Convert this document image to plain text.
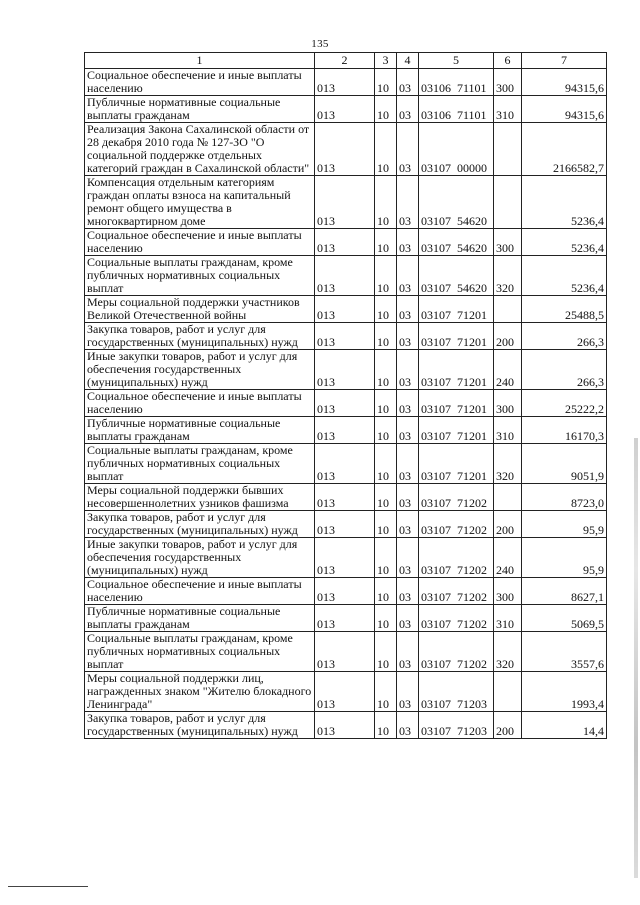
135
1	2	3	4	5	6	7
Социальное обеспечение и иные выплаты населению	013	10	03	03106  71101	300	94315,6
Публичные нормативные социальные выплаты гражданам	013	10	03	03106  71101	310	94315,6
Реализация Закона Сахалинской области от 28 декабря 2010 года № 127-ЗО "О социальной поддержке отдельных категорий граждан в Сахалинской области"	013	10	03	03107  00000		2166582,7
Компенсация отдельным категориям граждан оплаты взноса на капитальный ремонт общего имущества в многоквартирном доме	013	10	03	03107  54620		5236,4
Социальное обеспечение и иные выплаты населению	013	10	03	03107  54620	300	5236,4
Социальные выплаты гражданам, кроме публичных нормативных социальных выплат	013	10	03	03107  54620	320	5236,4
Меры социальной поддержки участников Великой Отечественной войны	013	10	03	03107  71201		25488,5
Закупка товаров, работ и услуг для государственных (муниципальных) нужд	013	10	03	03107  71201	200	266,3
Иные закупки товаров, работ и услуг для обеспечения государственных (муниципальных) нужд	013	10	03	03107  71201	240	266,3
Социальное обеспечение и иные выплаты населению	013	10	03	03107  71201	300	25222,2
Публичные нормативные социальные выплаты гражданам	013	10	03	03107  71201	310	16170,3
Социальные выплаты гражданам, кроме публичных нормативных социальных выплат	013	10	03	03107  71201	320	9051,9
Меры социальной поддержки бывших несовершеннолетних узников фашизма	013	10	03	03107  71202		8723,0
Закупка товаров, работ и услуг для государственных (муниципальных) нужд	013	10	03	03107  71202	200	95,9
Иные закупки товаров, работ и услуг для обеспечения государственных (муниципальных) нужд	013	10	03	03107  71202	240	95,9
Социальное обеспечение и иные выплаты населению	013	10	03	03107  71202	300	8627,1
Публичные нормативные социальные выплаты гражданам	013	10	03	03107  71202	310	5069,5
Социальные выплаты гражданам, кроме публичных нормативных социальных выплат	013	10	03	03107  71202	320	3557,6
Меры социальной поддержки лиц, награжденных знаком "Жителю блокадного Ленинграда"	013	10	03	03107  71203		1993,4
Закупка товаров, работ и услуг для государственных (муниципальных) нужд	013	10	03	03107  71203	200	14,4
